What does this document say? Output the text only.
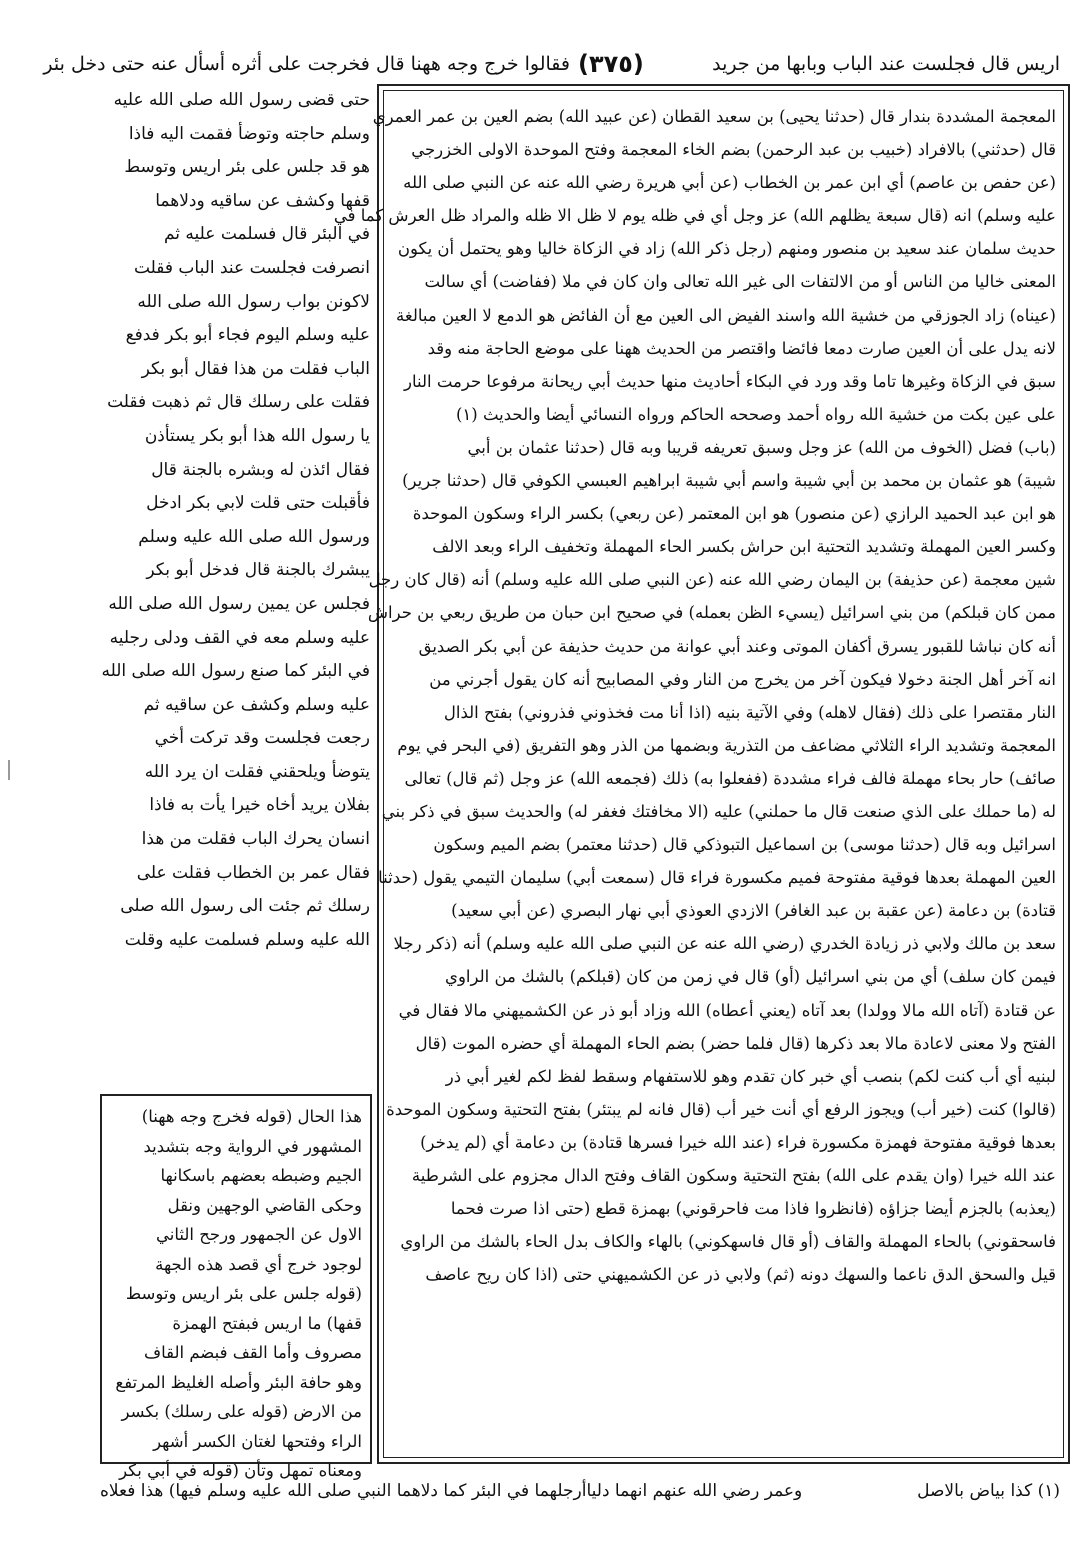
اريس قال فجلست عند الباب وبابها من جريد
(٣٧٥)
فقالوا خرج وجه ههنا قال فخرجت على أثره أسأل عنه حتى دخل بئر
المعجمة المشددة بندار قال (حدثنا يحيى) بن سعيد القطان (عن عبيد الله) بضم العين بن عمر العمري
قال (حدثني) بالافراد (خبيب بن عبد الرحمن) بضم الخاء المعجمة وفتح الموحدة الاولى الخزرجي
(عن حفص بن عاصم) أي ابن عمر بن الخطاب (عن أبي هريرة رضي الله عنه عن النبي صلى الله
عليه وسلم) انه (قال سبعة يظلهم الله) عز وجل أي في ظله يوم لا ظل الا ظله والمراد ظل العرش كما في
حديث سلمان عند سعيد بن منصور ومنهم (رجل ذكر الله) زاد في الزكاة خاليا وهو يحتمل أن يكون
المعنى خاليا من الناس أو من الالتفات الى غير الله تعالى وان كان في ملا (ففاضت) أي سالت
(عيناه) زاد الجوزقي من خشية الله واسند الفيض الى العين مع أن الفائض هو الدمع لا العين مبالغة
لانه يدل على أن العين صارت دمعا فائضا واقتصر من الحديث ههنا على موضع الحاجة منه وقد
سبق في الزكاة وغيرها تاما وقد ورد في البكاء أحاديث منها حديث أبي ريحانة مرفوعا حرمت النار
على عين بكت من خشية الله رواه أحمد وصححه الحاكم ورواه النسائي أيضا والحديث (١)
(باب) فضل (الخوف من الله) عز وجل وسبق تعريفه قريبا وبه قال (حدثنا عثمان بن أبي
شيبة) هو عثمان بن محمد بن أبي شيبة واسم أبي شيبة ابراهيم العبسي الكوفي قال (حدثنا جرير)
هو ابن عبد الحميد الرازي (عن منصور) هو ابن المعتمر (عن ربعي) بكسر الراء وسكون الموحدة
وكسر العين المهملة وتشديد التحتية ابن حراش بكسر الحاء المهملة وتخفيف الراء وبعد الالف
شين معجمة (عن حذيفة) بن اليمان رضي الله عنه (عن النبي صلى الله عليه وسلم) أنه (قال كان رجل
ممن كان قبلكم) من بني اسرائيل (يسيء الظن بعمله) في صحيح ابن حبان من طريق ربعي بن حراش
أنه كان نباشا للقبور يسرق أكفان الموتى وعند أبي عوانة من حديث حذيفة عن أبي بكر الصديق
انه آخر أهل الجنة دخولا فيكون آخر من يخرج من النار وفي المصابيح أنه كان يقول أجرني من
النار مقتصرا على ذلك (فقال لاهله) وفي الآتية بنيه (اذا أنا مت فخذوني فذروني) بفتح الذال
المعجمة وتشديد الراء الثلاثي مضاعف من التذرية وبضمها من الذر وهو التفريق (في البحر في يوم
صائف) حار بحاء مهملة فالف فراء مشددة (ففعلوا به) ذلك (فجمعه الله) عز وجل (ثم قال) تعالى
له (ما حملك على الذي صنعت قال ما حملني) عليه (الا مخافتك فغفر له) والحديث سبق في ذكر بني
اسرائيل وبه قال (حدثنا موسى) بن اسماعيل التبوذكي قال (حدثنا معتمر) بضم الميم وسكون
العين المهملة بعدها فوقية مفتوحة فميم مكسورة فراء قال (سمعت أبي) سليمان التيمي يقول (حدثنا
قتادة) بن دعامة (عن عقبة بن عبد الغافر) الازدي العوذي أبي نهار البصري (عن أبي سعيد)
سعد بن مالك ولابي ذر زيادة الخدري (رضي الله عنه عن النبي صلى الله عليه وسلم) أنه (ذكر رجلا
فيمن كان سلف) أي من بني اسرائيل (أو) قال في زمن من كان (قبلكم) بالشك من الراوي
عن قتادة (آتاه الله مالا وولدا) بعد آتاه (يعني أعطاه) الله وزاد أبو ذر عن الكشميهني مالا فقال في
الفتح ولا معنى لاعادة مالا بعد ذكرها (قال فلما حضر) بضم الحاء المهملة أي حضره الموت (قال
لبنيه أي أب كنت لكم) بنصب أي خبر كان تقدم وهو للاستفهام وسقط لفظ لكم لغير أبي ذر
(قالوا) كنت (خير أب) ويجوز الرفع أي أنت خير أب (قال فانه لم يبتئر) بفتح التحتية وسكون الموحدة
بعدها فوقية مفتوحة فهمزة مكسورة فراء (عند الله خيرا فسرها قتادة) بن دعامة أي (لم يدخر)
عند الله خيرا (وان يقدم على الله) بفتح التحتية وسكون القاف وفتح الدال مجزوم على الشرطية
(يعذبه) بالجزم أيضا جزاؤه (فانظروا فاذا مت فاحرقوني) بهمزة قطع (حتى اذا صرت فحما
فاسحقوني) بالحاء المهملة والقاف (أو قال فاسهكوني) بالهاء والكاف بدل الحاء بالشك من الراوي
قيل والسحق الدق ناعما والسهك دونه (ثم) ولابي ذر عن الكشميهني حتى (اذا كان ريح عاصف
حتى قضى رسول الله صلى الله عليه
وسلم حاجته وتوضأ فقمت اليه فاذا
هو قد جلس على بئر اريس وتوسط
قفها وكشف عن ساقيه ودلاهما
في البئر قال فسلمت عليه ثم
انصرفت فجلست عند الباب فقلت
لاكونن بواب رسول الله صلى الله
عليه وسلم اليوم فجاء أبو بكر فدفع
الباب فقلت من هذا فقال أبو بكر
فقلت على رسلك قال ثم ذهبت فقلت
يا رسول الله هذا أبو بكر يستأذن
فقال ائذن له وبشره بالجنة قال
فأقبلت حتى قلت لابي بكر ادخل
ورسول الله صلى الله عليه وسلم
يبشرك بالجنة قال فدخل أبو بكر
فجلس عن يمين رسول الله صلى الله
عليه وسلم معه في القف ودلى رجليه
في البئر كما صنع رسول الله صلى الله
عليه وسلم وكشف عن ساقيه ثم
رجعت فجلست وقد تركت أخي
يتوضأ ويلحقني فقلت ان يرد الله
بفلان يريد أخاه خيرا يأت به فاذا
انسان يحرك الباب فقلت من هذا
فقال عمر بن الخطاب فقلت على
رسلك ثم جئت الى رسول الله صلى
الله عليه وسلم فسلمت عليه وقلت
هذا الحال (قوله فخرج وجه ههنا)
المشهور في الرواية وجه بتشديد
الجيم وضبطه بعضهم باسكانها
وحكى القاضي الوجهين ونقل
الاول عن الجمهور ورجح الثاني
لوجود خرج أي قصد هذه الجهة
(قوله جلس على بئر اريس وتوسط
قفها) ما اريس فبفتح الهمزة
مصروف وأما القف فبضم القاف
وهو حافة البئر وأصله الغليظ المرتفع
من الارض (قوله على رسلك) بكسر
الراء وفتحها لغتان الكسر أشهر
ومعناه تمهل وتأن (قوله في أبي بكر
(١) كذا بياض بالاصل
وعمر رضي الله عنهم انهما دلياأرجلهما في البئر كما دلاهما النبي صلى الله عليه وسلم فيها) هذا فعلاه
